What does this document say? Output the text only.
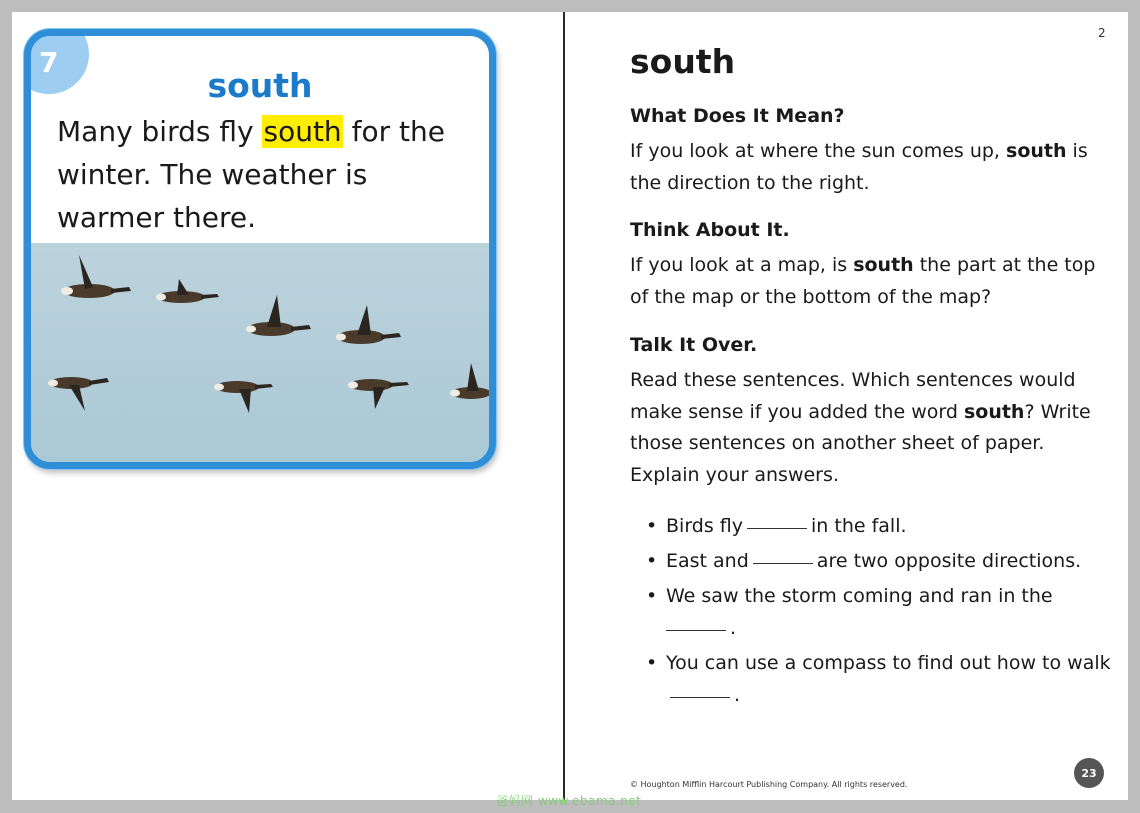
7
south

Many birds fly south for the winter. The weather is warmer there.

2
south
What Does It Mean?

If you look at where the sun comes up, south is the direction to the right.

Think About It.

If you look at a map, is south the part at the top of the map or the bottom of the map?

Talk It Over.

Read these sentences. Which sentences would make sense if you added the word south? Write those sentences on another sheet of paper. Explain your answers.

• Birds fly	in the fall.
• East and	are two opposite directions.
• We saw the storm coming and ran in the
.
• You can use a compass to find out how to walk.

© Houghton Mifflin Harcourt Publishing Company. All rights reserved.

23
爸妈网 www.ebama.net
